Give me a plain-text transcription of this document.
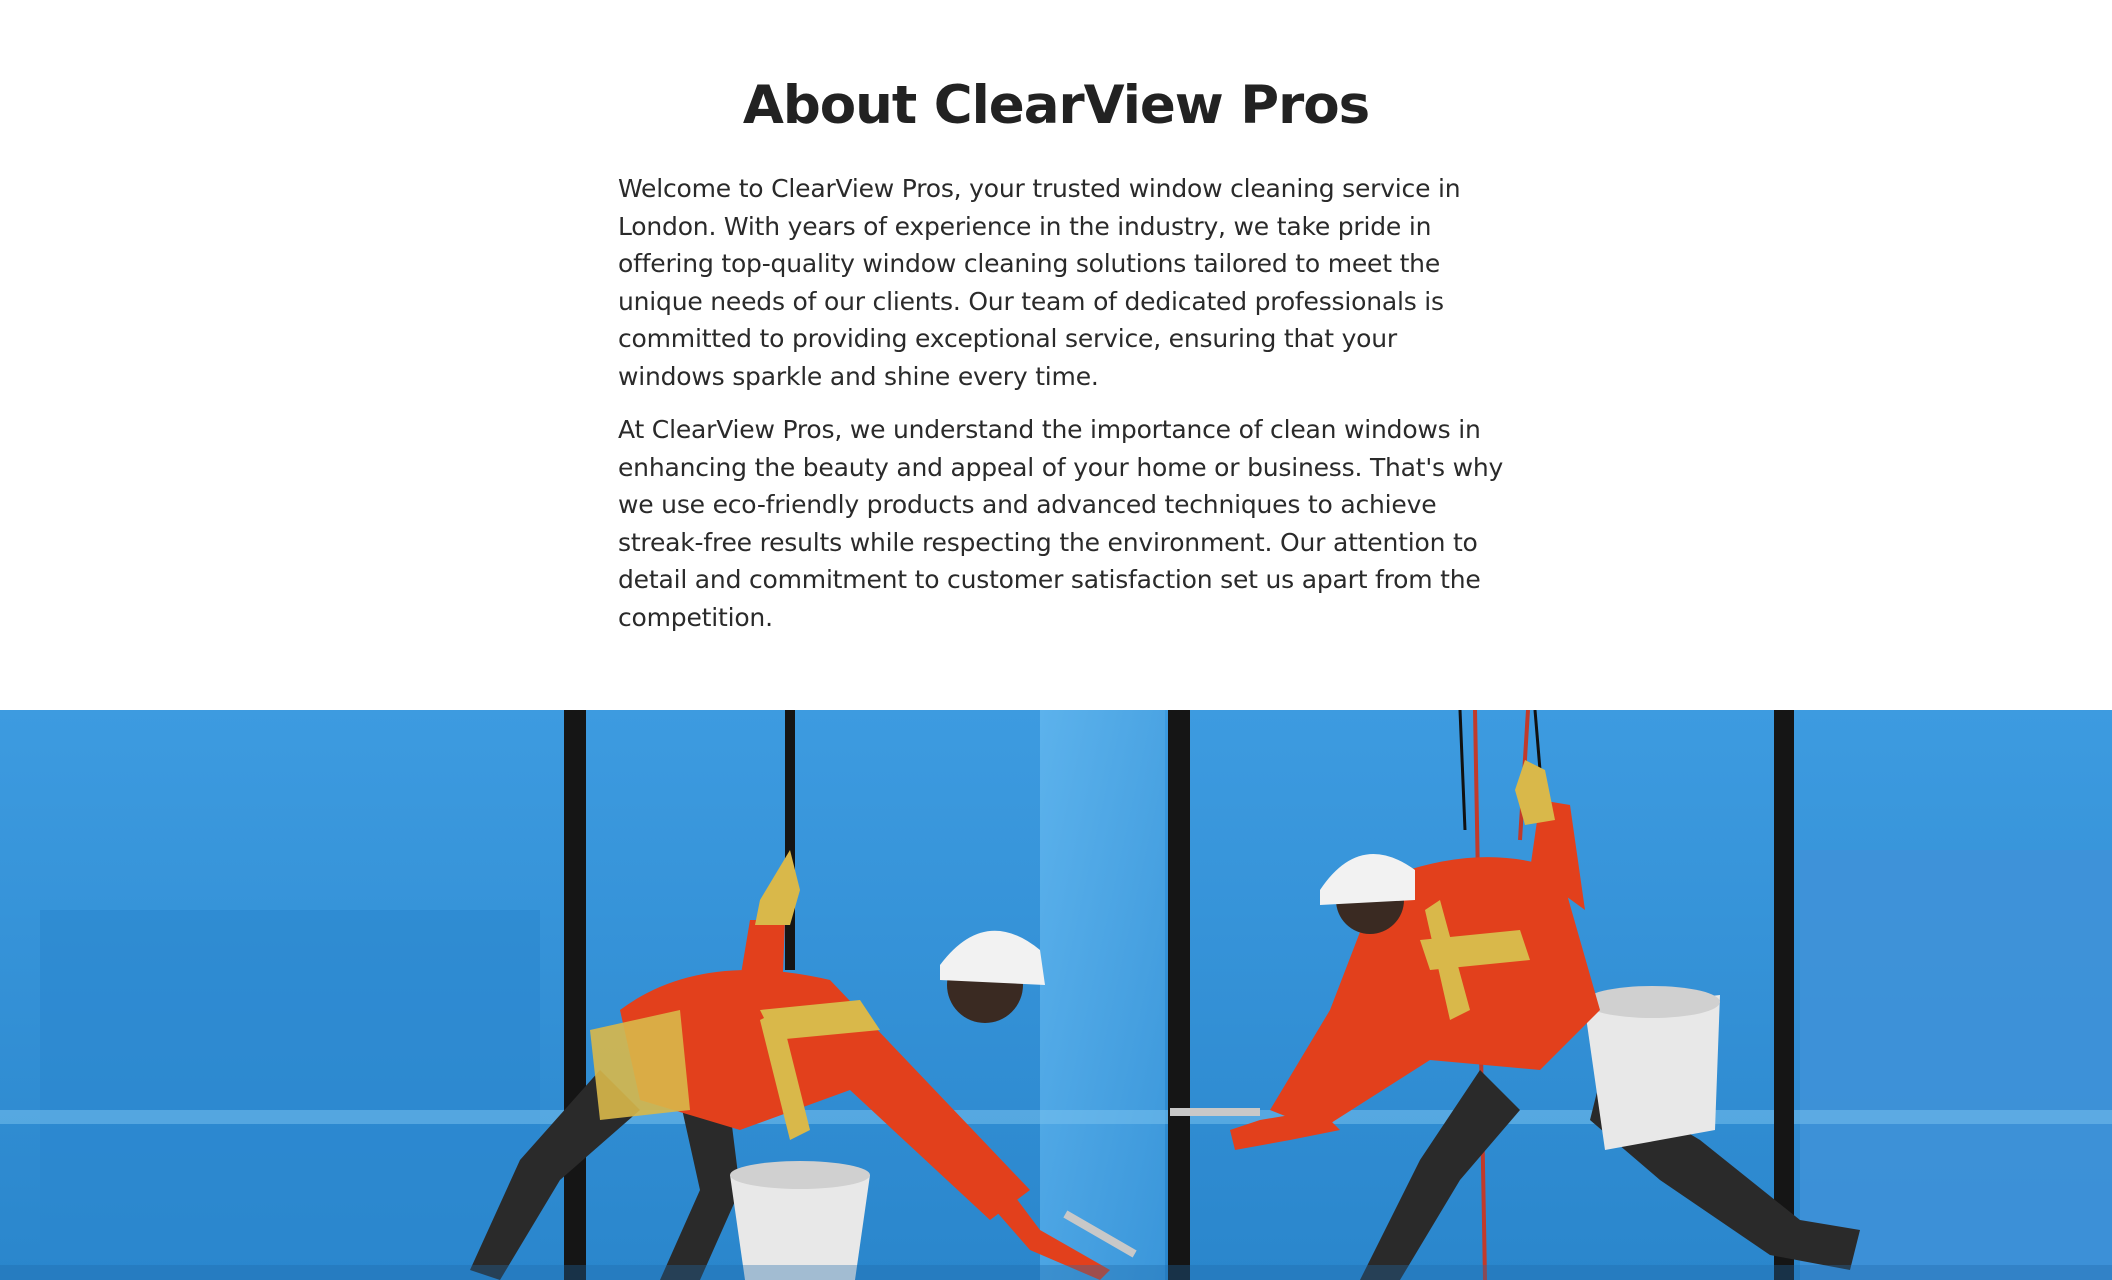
About ClearView Pros

Welcome to ClearView Pros, your trusted window cleaning service in London. With years of experience in the industry, we take pride in offering top-quality window cleaning solutions tailored to meet the unique needs of our clients. Our team of dedicated professionals is committed to providing exceptional service, ensuring that your windows sparkle and shine every time.

At ClearView Pros, we understand the importance of clean windows in enhancing the beauty and appeal of your home or business. That's why we use eco-friendly products and advanced techniques to achieve streak-free results while respecting the environment. Our attention to detail and commitment to customer satisfaction set us apart from the competition.
